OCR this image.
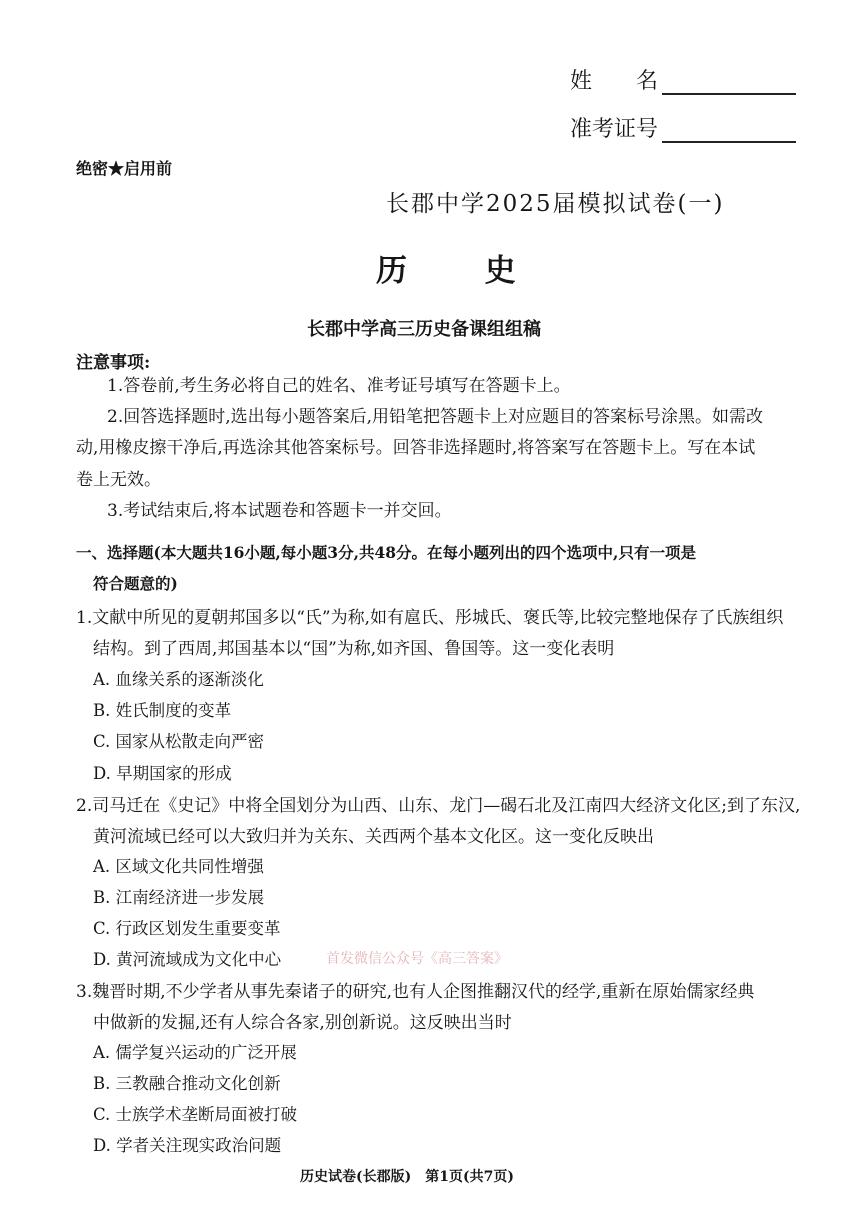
姓　　名
准考证号
绝密★启用前
长郡中学2025届模拟试卷(一)
历	史
长郡中学高三历史备课组组稿
注意事项:
1.答卷前,考生务必将自己的姓名、准考证号填写在答题卡上。
2.回答选择题时,选出每小题答案后,用铅笔把答题卡上对应题目的答案标号涂黑。如需改
动,用橡皮擦干净后,再选涂其他答案标号。回答非选择题时,将答案写在答题卡上。写在本试
卷上无效。
3.考试结束后,将本试题卷和答题卡一并交回。
一、选择题(本大题共16小题,每小题3分,共48分。在每小题列出的四个选项中,只有一项是
符合题意的)
1.文献中所见的夏朝邦国多以“氏”为称,如有扈氏、彤城氏、褒氏等,比较完整地保存了氏族组织
结构。到了西周,邦国基本以“国”为称,如齐国、鲁国等。这一变化表明
A. 血缘关系的逐渐淡化
B. 姓氏制度的变革
C. 国家从松散走向严密
D. 早期国家的形成
2.司马迁在《史记》中将全国划分为山西、山东、龙门—碣石北及江南四大经济文化区;到了东汉,
黄河流域已经可以大致归并为关东、关西两个基本文化区。这一变化反映出
A. 区域文化共同性增强
B. 江南经济进一步发展
C. 行政区划发生重要变革
D. 黄河流域成为文化中心	首发微信公众号《高三答案》
3.魏晋时期,不少学者从事先秦诸子的研究,也有人企图推翻汉代的经学,重新在原始儒家经典
中做新的发掘,还有人综合各家,别创新说。这反映出当时
A. 儒学复兴运动的广泛开展
B. 三教融合推动文化创新
C. 士族学术垄断局面被打破
D. 学者关注现实政治问题
历史试卷(长郡版)　第1页(共7页)
